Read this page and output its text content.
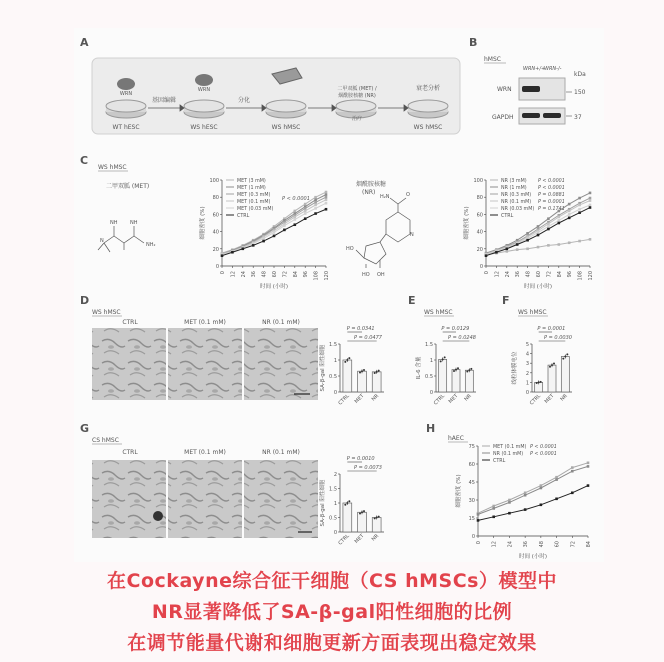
A
WRN
WRN
基因编辑	分化
二甲双胍 (MET) /
烟酰胺核糖 (NR)
治疗
衰老分析
WT hESC	WS hESC	WS hMSC	WS hMSC
B
hMSC
WRN+/+
WRN-/-
kDa
WRN	150
GAPDH	37
C
WS hMSC
二甲双胍 (MET)
NH	NH
NH₂
N
0
20
40
60
80
100
0 12 24 36 48 60 72 84 96 108 120
时间 (小时)
细胞密度 (%)
MET (3 mM)
MET (1 mM)
MET (0.3 mM)
MET (0.1 mM)
MET (0.03 mM)
CTRL
P < 0.0001
烟酰胺核糖
(NR)	O
H₂N
N
HO
HO OH
0
20
40
60
80
100
0 12 24 36 48 60 72 84 96 108 120
时间 (小时)
细胞密度 (%)
NR (3 mM) P < 0.0001
NR (1 mM) P < 0.0001
NR (0.3 mM) P = 0.0881
NR (0.1 mM) P = 0.0001
NR (0.03 mM) P = 0.1741
CTRL
D
WS hMSC
CTRL	MET (0.1 mM)	NR (0.1 mM)
0
0.5
1
1.5
SA-β-gal 阳性细胞
CTRL MET NR
P = 0.0341
P = 0.0477
E
WS hMSC
0
0.5
1
1.5
IL-6 含量
CTRL MET NR
P = 0.0129
P = 0.0248
F
WS hMSC
0
1
2
3
4
5
线粒体膜电位
CTRL MET NR
P = 0.0001
P = 0.0030
G
CS hMSC
CTRL	MET (0.1 mM)	NR (0.1 mM)
0
0.5
1
1.5
2
SA-β-gal 阳性细胞
CTRL MET NR
P = 0.0010
P = 0.0073
H
hAEC
0
15
30
45
60
75
0 12 24 36 48 60 72 84
时间 (小时)
细胞密度 (%)
MET (0.1 mM) P < 0.0001
NR (0.1 mM) P < 0.0001
CTRL
在Cockayne综合征干细胞（CS hMSCs）模型中
NR显著降低了SA-β-gal阳性细胞的比例
在调节能量代谢和细胞更新方面表现出稳定效果
